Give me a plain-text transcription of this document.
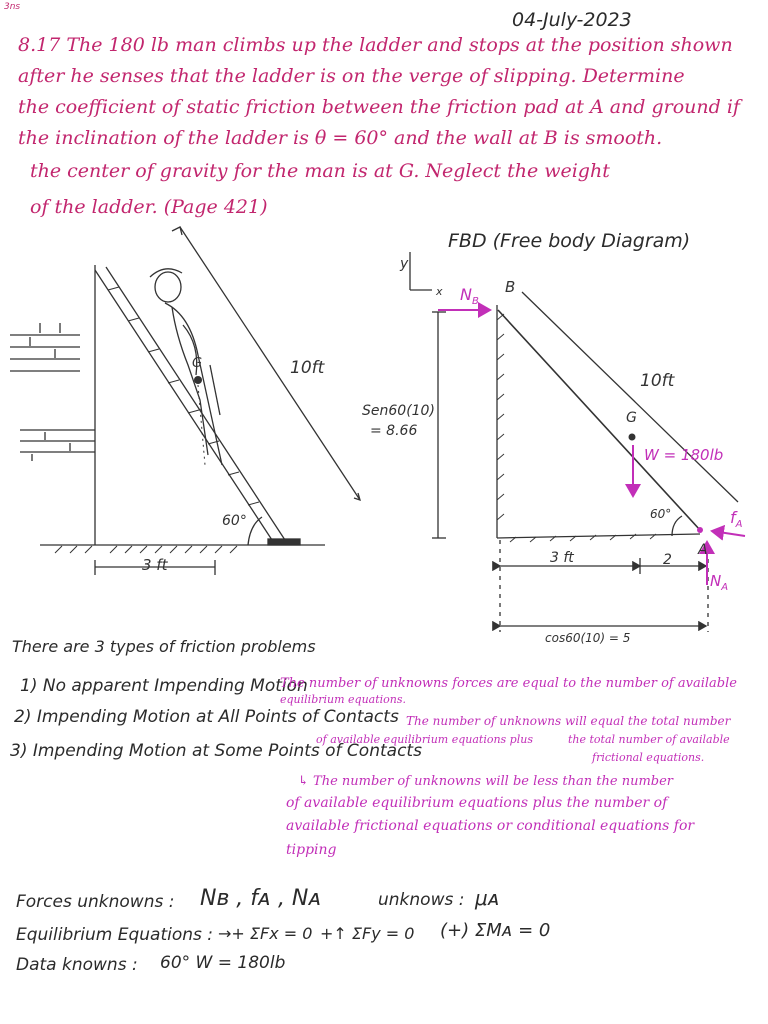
04-July-2023
3ns
8.17 The 180 lb man climbs up the ladder and stops at the position shown
after he senses that the ladder is on the verge of slipping. Determine
the coefficient of static friction between the friction pad at A and ground if
the inclination of the ladder is θ = 60° and the wall at B is smooth.
the center of gravity for the man is at G. Neglect the weight
of the ladder. (Page 421)
G	10ft
60°
3 ft
FBD (Free body Diagram)
G
y
x $N_B$
B
10ft
W = 180lb
Sen60(10)
= 8.66
60°	$f_A$
A
$N_A$
3 ft	2
cos60(10) = 5
There are 3 types of friction problems
1) No apparent Impending Motion
2) Impending Motion at All Points of Contacts
3) Impending Motion at Some Points of Contacts
The number of unknowns forces are equal to the number of available
equilibrium equations.
The number of unknowns will equal the total number
of available equilibrium equations plus	the total number of available
frictional equations.
↳ The number of unknowns will be less than the number
of available equilibrium equations plus the number of
available frictional equations or conditional equations for
tipping
Forces unknowns : Nʙ , fᴀ , Nᴀ	unknows : μᴀ
Equilibrium Equations : →+ ΣFx = 0 +↑ ΣFy = 0 (+) ΣMᴀ = 0
Data knowns : 60° W = 180lb
